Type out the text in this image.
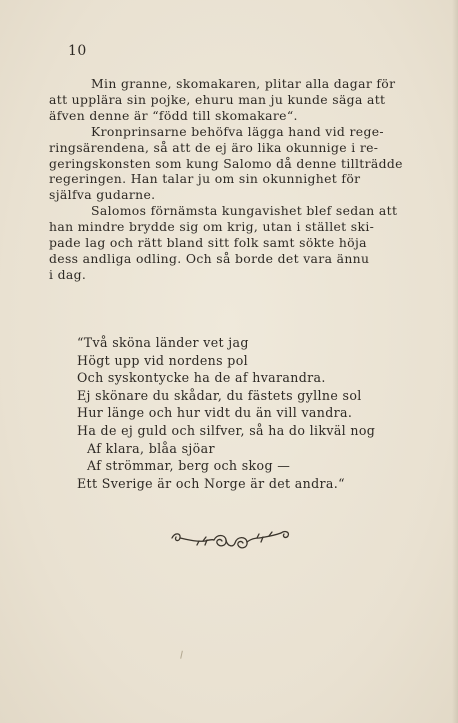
10

Min granne, skomakaren, plitar alla dagar för
att upplära sin pojke, ehuru man ju kunde säga att
äfven denne är “född till skomakare“.

Kronprinsarne behöfva lägga hand vid rege-
ringsärendena, så att de ej äro lika okunnige i re-
geringskonsten som kung Salomo då denne tillträdde
regeringen. Han talar ju om sin okunnighet för
själfva gudarne.

Salomos förnämsta kungavishet blef sedan att
han mindre brydde sig om krig, utan i stället ski-
pade lag och rätt bland sitt folk samt sökte höja
dess andliga odling. Och så borde det vara ännu
i dag.

“Två sköna länder vet jag
Högt upp vid nordens pol
Och syskontycke ha de af hvarandra.
Ej skönare du skådar, du fästets gyllne sol
Hur länge och hur vidt du än vill vandra.
Ha de ej guld och silfver, så ha do likväl nog
Af klara, blåa sjöar
Af strömmar, berg och skog —
Ett Sverige är och Norge är det andra.“
